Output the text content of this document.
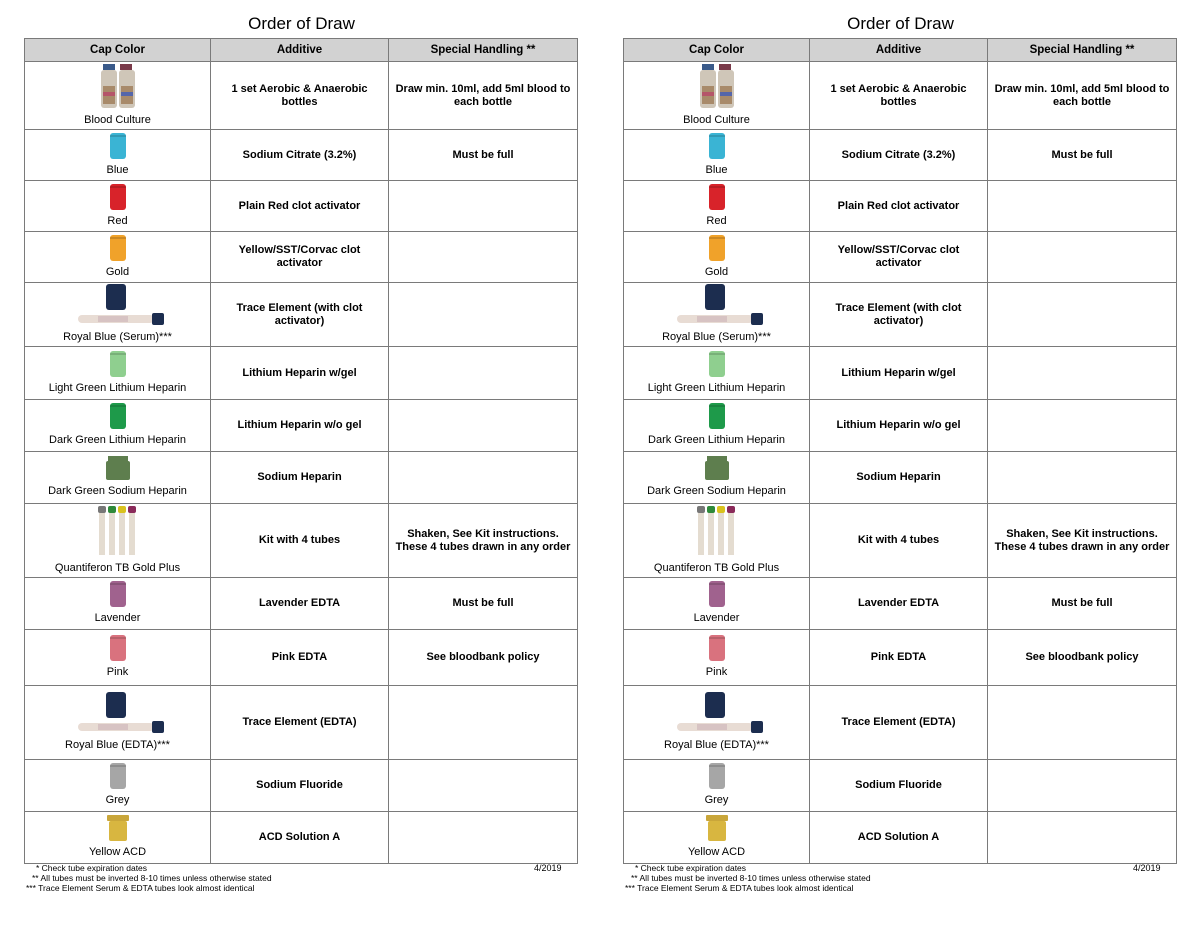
Order of Draw
Cap Color	Additive	Special Handling **

Blood Culture	1 set Aerobic & Anaerobic bottles	Draw min. 10ml, add 5ml blood to each bottle

Blue	Sodium Citrate (3.2%)	Must be full

Red	Plain Red clot activator	

Gold	Yellow/SST/Corvac clot activator	

Royal Blue (Serum)***	Trace Element (with clot activator)	

Light Green Lithium Heparin	Lithium Heparin w/gel	

Dark Green Lithium Heparin	Lithium Heparin w/o gel	

Dark Green Sodium Heparin	Sodium Heparin	

Quantiferon TB Gold Plus	Kit with 4 tubes	Shaken, See Kit instructions. These 4 tubes drawn in any order

Lavender	Lavender EDTA	Must be full

Pink	Pink EDTA	See bloodbank policy

Royal Blue (EDTA)***	Trace Element (EDTA)	

Grey	Sodium Fluoride	

Yellow ACD	ACD Solution A	
* Check tube expiration dates
** All tubes must be inverted 8-10 times unless otherwise stated
*** Trace Element Serum & EDTA tubes look almost identical
4/2019
Order of Draw
Cap Color	Additive	Special Handling **

Blood Culture	1 set Aerobic & Anaerobic bottles	Draw min. 10ml, add 5ml blood to each bottle

Blue	Sodium Citrate (3.2%)	Must be full

Red	Plain Red clot activator	

Gold	Yellow/SST/Corvac clot activator	

Royal Blue (Serum)***	Trace Element (with clot activator)	

Light Green Lithium Heparin	Lithium Heparin w/gel	

Dark Green Lithium Heparin	Lithium Heparin w/o gel	

Dark Green Sodium Heparin	Sodium Heparin	

Quantiferon TB Gold Plus	Kit with 4 tubes	Shaken, See Kit instructions. These 4 tubes drawn in any order

Lavender	Lavender EDTA	Must be full

Pink	Pink EDTA	See bloodbank policy

Royal Blue (EDTA)***	Trace Element (EDTA)	

Grey	Sodium Fluoride	

Yellow ACD	ACD Solution A	
* Check tube expiration dates
** All tubes must be inverted 8-10 times unless otherwise stated
*** Trace Element Serum & EDTA tubes look almost identical
4/2019
